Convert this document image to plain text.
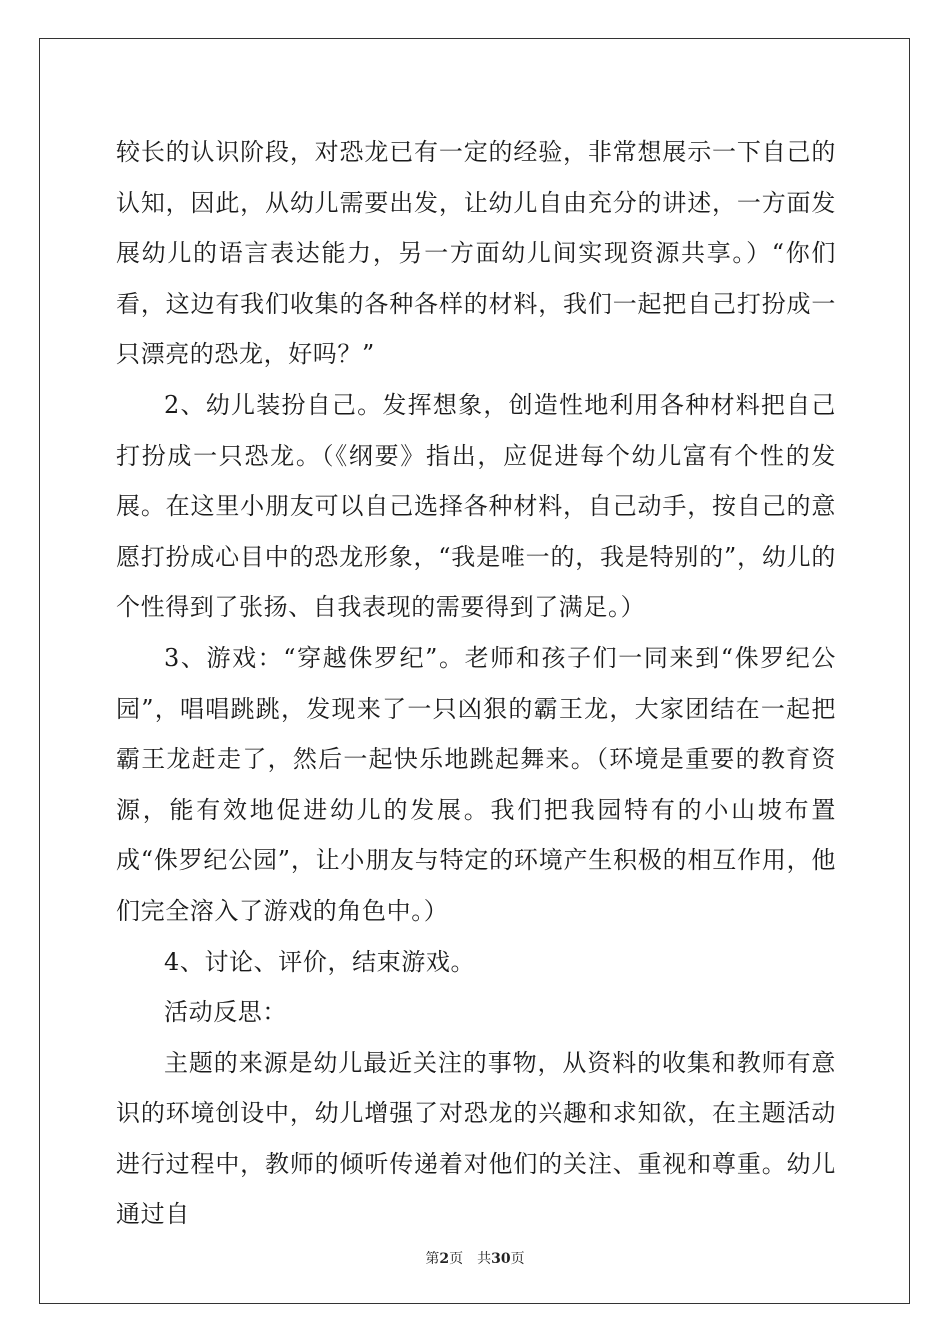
较长的认识阶段，对恐龙已有一定的经验，非常想展示一下自己的认知，因此，从幼儿需要出发，让幼儿自由充分的讲述，一方面发展幼儿的语言表达能力，另一方面幼儿间实现资源共享。）“你们看，这边有我们收集的各种各样的材料，我们一起把自己打扮成一只漂亮的恐龙，好吗？”

2、幼儿装扮自己。发挥想象，创造性地利用各种材料把自己打扮成一只恐龙。（《纲要》指出，应促进每个幼儿富有个性的发展。在这里小朋友可以自己选择各种材料，自己动手，按自己的意愿打扮成心目中的恐龙形象，“我是唯一的，我是特别的”，幼儿的个性得到了张扬、自我表现的需要得到了满足。）

3、游戏：“穿越侏罗纪”。老师和孩子们一同来到“侏罗纪公园”，唱唱跳跳，发现来了一只凶狠的霸王龙，大家团结在一起把霸王龙赶走了，然后一起快乐地跳起舞来。（环境是重要的教育资源，能有效地促进幼儿的发展。我们把我园特有的小山坡布置成“侏罗纪公园”，让小朋友与特定的环境产生积极的相互作用，他们完全溶入了游戏的角色中。）

4、讨论、评价，结束游戏。

活动反思：

主题的来源是幼儿最近关注的事物，从资料的收集和教师有意识的环境创设中，幼儿增强了对恐龙的兴趣和求知欲，在主题活动进行过程中，教师的倾听传递着对他们的关注、重视和尊重。幼儿通过自

第2页 共30页
